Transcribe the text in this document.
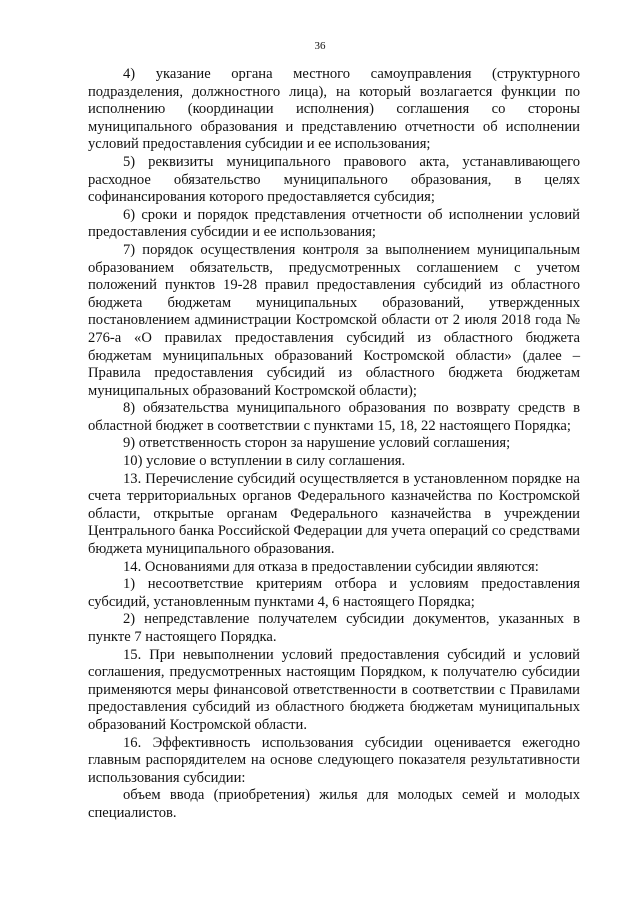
36

4) указание органа местного самоуправления (структурного подразделения, должностного лица), на который возлагается функции по исполнению (координации исполнения) соглашения со стороны муниципального образования и представлению отчетности об исполнении условий предоставления субсидии и ее использования;

5) реквизиты муниципального правового акта, устанавливающего расходное обязательство муниципального образования, в целях софинансирования которого предоставляется субсидия;

6) сроки и порядок представления отчетности об исполнении условий предоставления субсидии и ее использования;

7) порядок осуществления контроля за выполнением муниципальным образованием обязательств, предусмотренных соглашением с учетом положений пунктов 19-28 правил предоставления субсидий из областного бюджета бюджетам муниципальных образований, утвержденных постановлением администрации Костромской области от 2 июля 2018 года № 276-а «О правилах предоставления субсидий из областного бюджета бюджетам муниципальных образований Костромской области» (далее – Правила предоставления субсидий из областного бюджета бюджетам муниципальных образований Костромской области);

8) обязательства муниципального образования по возврату средств в областной бюджет в соответствии с пунктами 15, 18, 22 настоящего Порядка;

9) ответственность сторон за нарушение условий соглашения;

10) условие о вступлении в силу соглашения.

13. Перечисление субсидий осуществляется в установленном порядке на счета территориальных органов Федерального казначейства по Костромской области, открытые органам Федерального казначейства в учреждении Центрального банка Российской Федерации для учета операций со средствами бюджета муниципального образования.

14. Основаниями для отказа в предоставлении субсидии являются:

1) несоответствие критериям отбора и условиям предоставления субсидий, установленным пунктами 4, 6 настоящего Порядка;

2) непредставление получателем субсидии документов, указанных в пункте 7 настоящего Порядка.

15. При невыполнении условий предоставления субсидий и условий соглашения, предусмотренных настоящим Порядком, к получателю субсидии применяются меры финансовой ответственности в соответствии с Правилами предоставления субсидий из областного бюджета бюджетам муниципальных образований Костромской области.

16. Эффективность использования субсидии оценивается ежегодно главным распорядителем на основе следующего показателя результативности использования субсидии:

объем ввода (приобретения) жилья для молодых семей и молодых специалистов.
